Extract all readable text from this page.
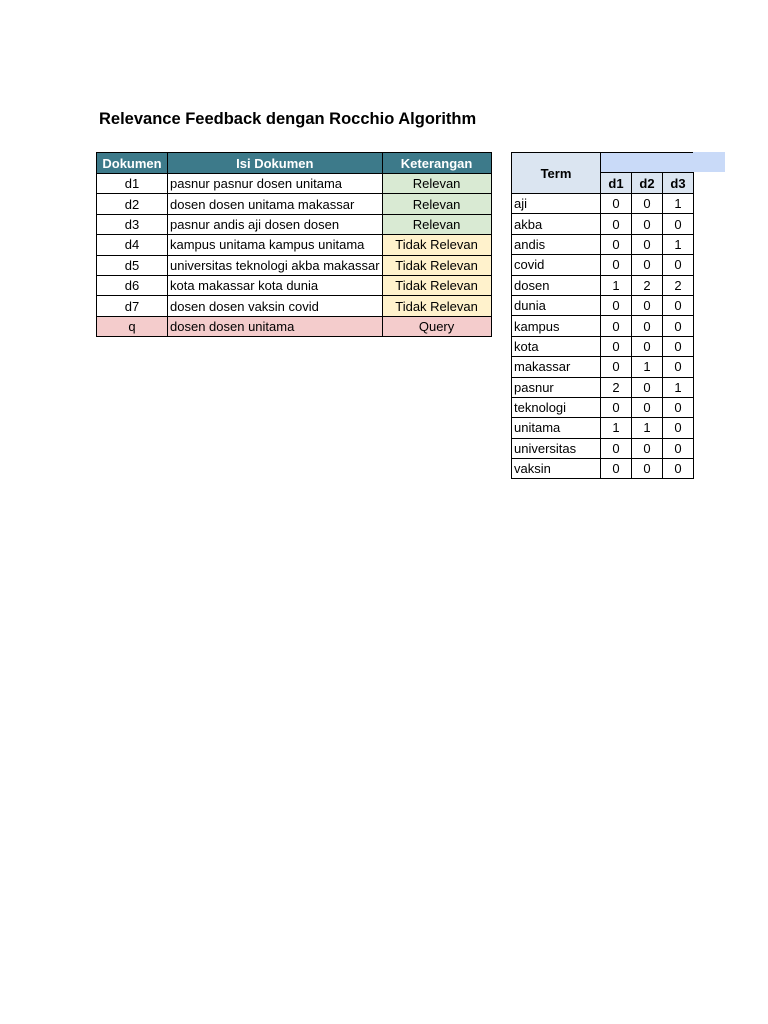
Relevance Feedback dengan Rocchio Algorithm
Dokumen	Isi Dokumen	Keterangan
d1	pasnur pasnur dosen unitama	Relevan
d2	dosen dosen unitama makassar	Relevan
d3	pasnur andis aji dosen dosen	Relevan
d4	kampus unitama kampus unitama	Tidak Relevan
d5	universitas teknologi akba makassar	Tidak Relevan
d6	kota makassar kota dunia	Tidak Relevan
d7	dosen dosen vaksin covid	Tidak Relevan
q	dosen dosen unitama	Query
Term			
	d1	d2	d3
aji	0	0	1
akba	0	0	0
andis	0	0	1
covid	0	0	0
dosen	1	2	2
dunia	0	0	0
kampus	0	0	0
kota	0	0	0
makassar	0	1	0
pasnur	2	0	1
teknologi	0	0	0
unitama	1	1	0
universitas	0	0	0
vaksin	0	0	0
